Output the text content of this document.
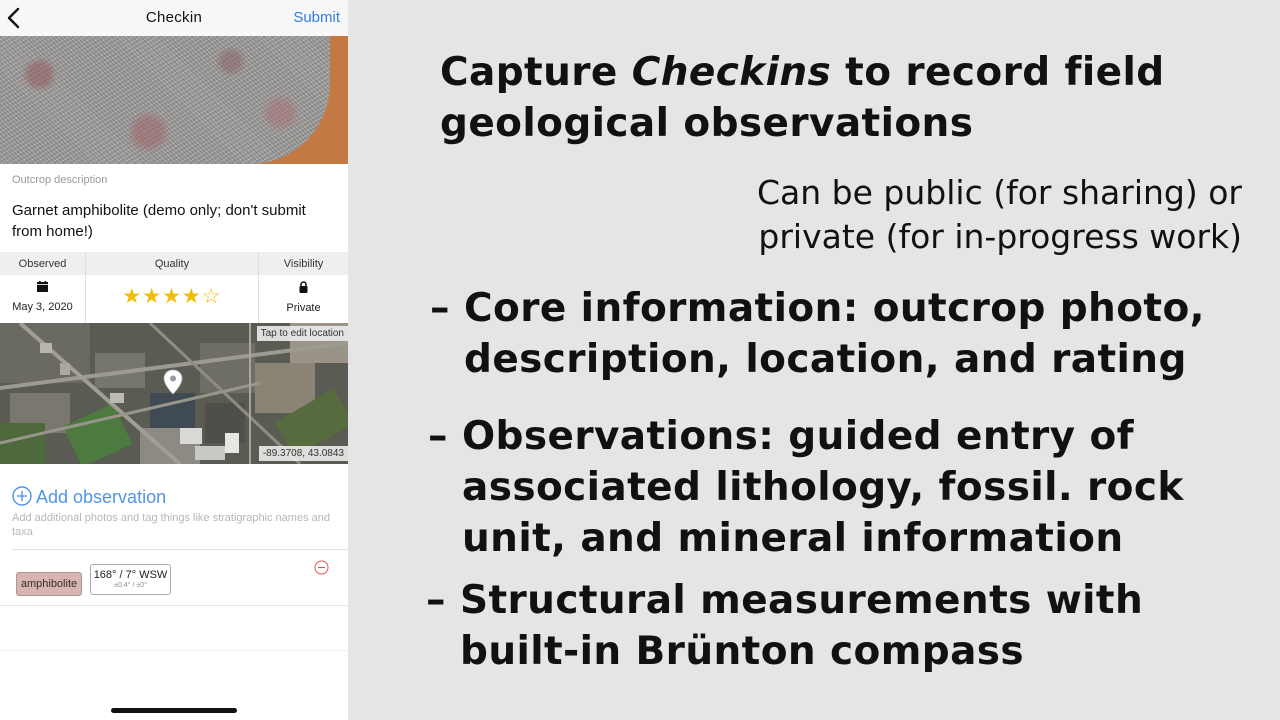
Checkin	Submit
Outcrop description
Garnet amphibolite (demo only; don't submit from home!)
Observed	Quality	Visibility
May 3, 2020	★★★★☆	Private
Tap to edit location
-89.3708, 43.0843
Add observation
Add additional photos and tag things like stratigraphic names and taxa
amphibolite
168° / 7° WSW
±0.4° / ±0°
Capture Checkins to record field geological observations
Can be public (for sharing) or private (for in-progress work)
– Core information: outcrop photo, description, location, and rating
– Observations: guided entry of associated lithology, fossil. rock unit, and mineral information
– Structural measurements with built-in Brünton compass
